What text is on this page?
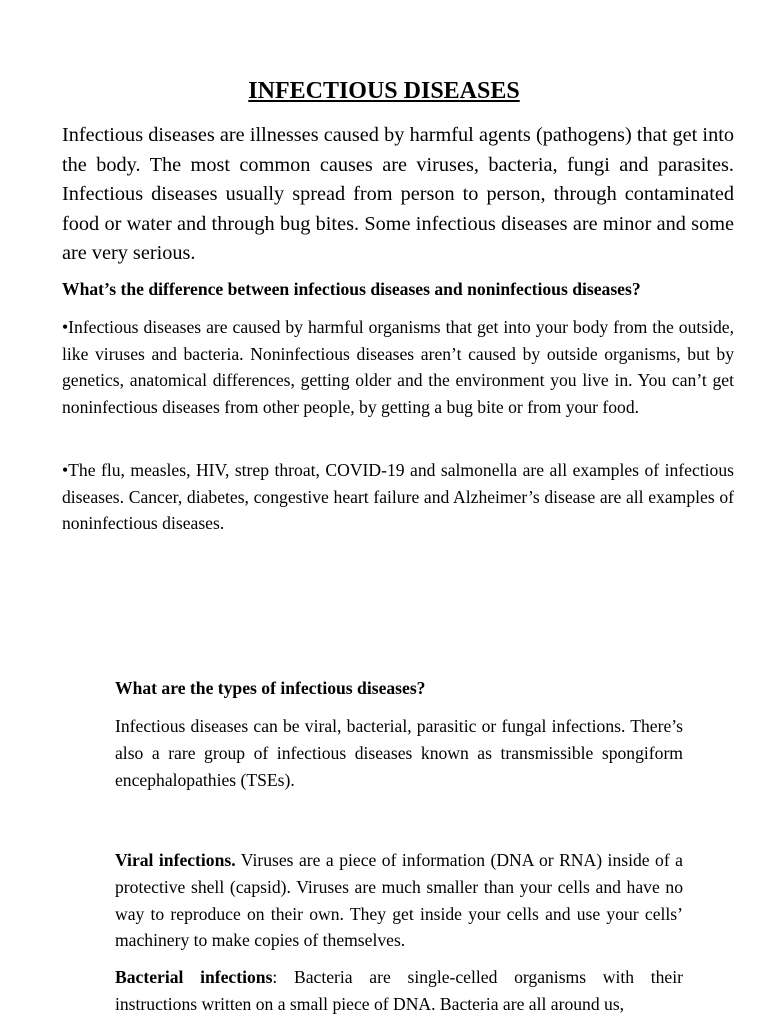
INFECTIOUS DISEASES

Infectious diseases are illnesses caused by harmful agents (pathogens) that get into the body. The most common causes are viruses, bacteria, fungi and parasites. Infectious diseases usually spread from person to person, through contaminated food or water and through bug bites. Some infectious diseases are minor and some are very serious.

What’s the difference between infectious diseases and noninfectious diseases?

•Infectious diseases are caused by harmful organisms that get into your body from the outside, like viruses and bacteria. Noninfectious diseases aren’t caused by outside organisms, but by genetics, anatomical differences, getting older and the environment you live in. You can’t get noninfectious diseases from other people, by getting a bug bite or from your food.

•The flu, measles, HIV, strep throat, COVID-19 and salmonella are all examples of infectious diseases. Cancer, diabetes, congestive heart failure and Alzheimer’s disease are all examples of noninfectious diseases.

What are the types of infectious diseases?

Infectious diseases can be viral, bacterial, parasitic or fungal infections. There’s also a rare group of infectious diseases known as transmissible spongiform encephalopathies (TSEs).

Viral infections. Viruses are a piece of information (DNA or RNA) inside of a protective shell (capsid). Viruses are much smaller than your cells and have no way to reproduce on their own. They get inside your cells and use your cells’ machinery to make copies of themselves.

Bacterial infections: Bacteria are single-celled organisms with their instructions written on a small piece of DNA. Bacteria are all around us,
